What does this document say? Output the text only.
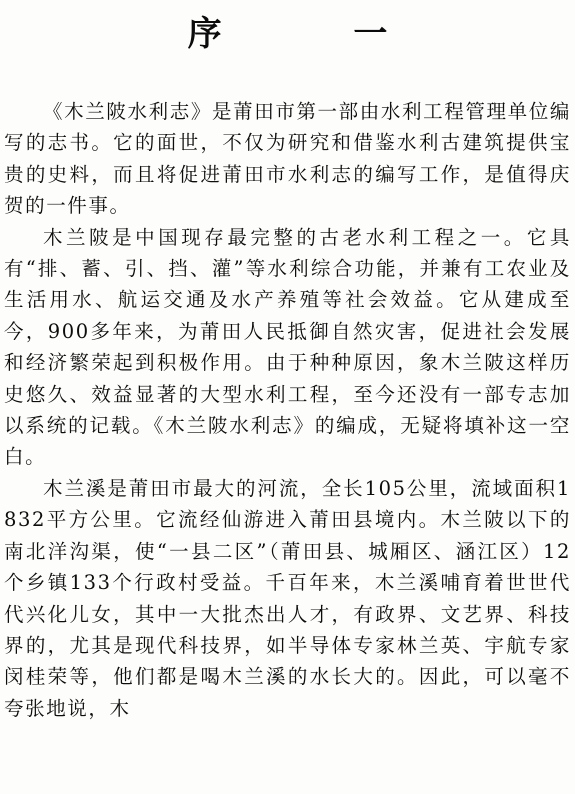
序 一

《木兰陂水利志》是莆田市第一部由水利工程管理单位编写的志书。它的面世，不仅为研究和借鉴水利古建筑提供宝贵的史料，而且将促进莆田市水利志的编写工作，是值得庆贺的一件事。

木兰陂是中国现存最完整的古老水利工程之一。它具有“排、蓄、引、挡、灌”等水利综合功能，并兼有工农业及生活用水、航运交通及水产养殖等社会效益。它从建成至今，900多年来，为莆田人民抵御自然灾害，促进社会发展和经济繁荣起到积极作用。由于种种原因，象木兰陂这样历史悠久、效益显著的大型水利工程，至今还没有一部专志加以系统的记载。《木兰陂水利志》的编成，无疑将填补这一空白。

木兰溪是莆田市最大的河流，全长105公里，流域面积1832平方公里。它流经仙游进入莆田县境内。木兰陂以下的南北洋沟渠，使“一县二区”（莆田县、城厢区、涵江区）12个乡镇133个行政村受益。千百年来，木兰溪哺育着世世代代兴化儿女，其中一大批杰出人才，有政界、文艺界、科技界的，尤其是现代科技界，如半导体专家林兰英、宇航专家闵桂荣等，他们都是喝木兰溪的水长大的。因此，可以毫不夸张地说，木
